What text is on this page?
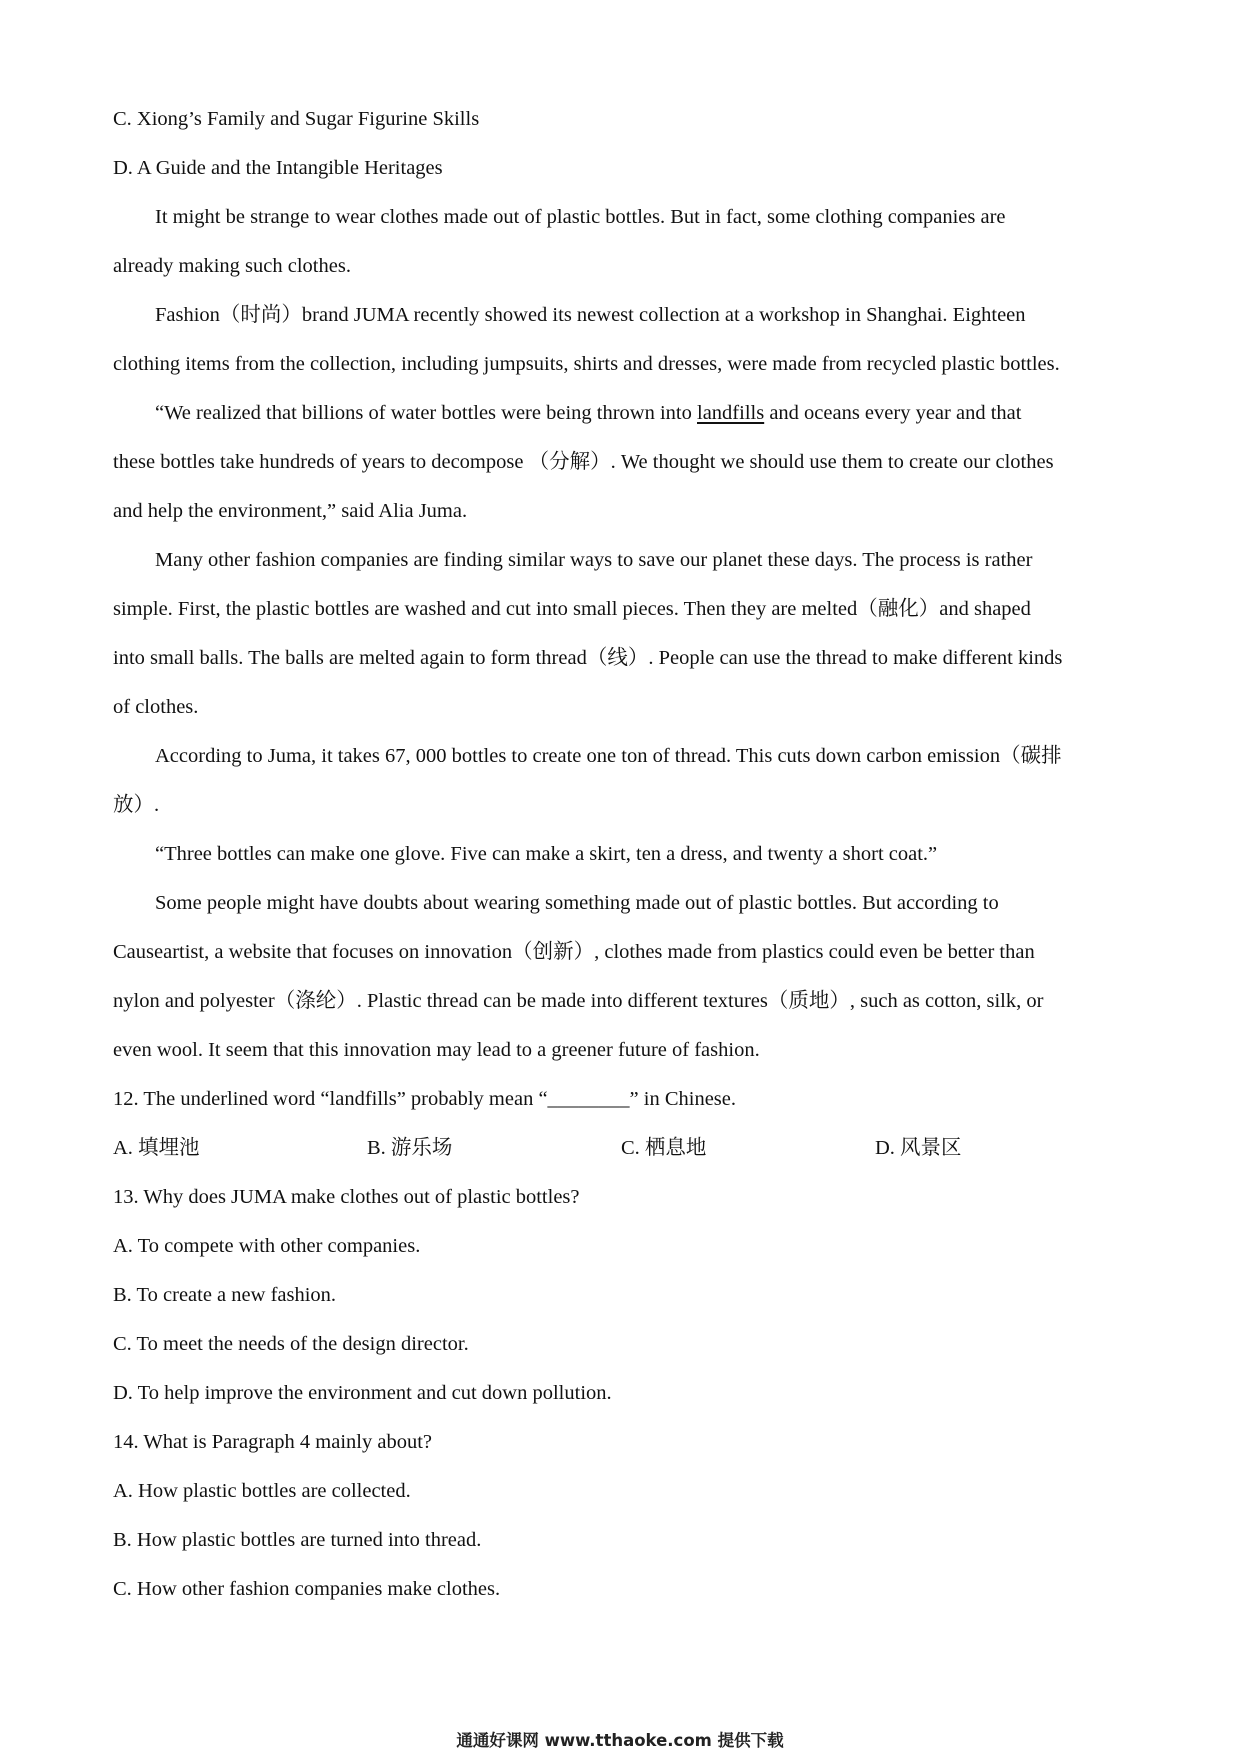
C. Xiong’s Family and Sugar Figurine Skills
D. A Guide and the Intangible Heritages
It might be strange to wear clothes made out of plastic bottles. But in fact, some clothing companies are
already making such clothes.
Fashion（时尚）brand JUMA recently showed its newest collection at a workshop in Shanghai. Eighteen
clothing items from the collection, including jumpsuits, shirts and dresses, were made from recycled plastic bottles.
“We realized that billions of water bottles were being thrown into landfills and oceans every year and that
these bottles take hundreds of years to decompose （分解）. We thought we should use them to create our clothes
and help the environment,” said Alia Juma.
Many other fashion companies are finding similar ways to save our planet these days. The process is rather
simple. First, the plastic bottles are washed and cut into small pieces. Then they are melted（融化）and shaped
into small balls. The balls are melted again to form thread（线）. People can use the thread to make different kinds
of clothes.
According to Juma, it takes 67, 000 bottles to create one ton of thread. This cuts down carbon emission（碳排
放）.
“Three bottles can make one glove. Five can make a skirt, ten a dress, and twenty a short coat.”
Some people might have doubts about wearing something made out of plastic bottles. But according to
Causeartist, a website that focuses on innovation（创新）, clothes made from plastics could even be better than
nylon and polyester（涤纶）. Plastic thread can be made into different textures（质地）, such as cotton, silk, or
even wool. It seem that this innovation may lead to a greener future of fashion.
12. The underlined word “landfills” probably mean “________” in Chinese.
A. 填埋池	B. 游乐场	C. 栖息地	D. 风景区
13. Why does JUMA make clothes out of plastic bottles?
A. To compete with other companies.
B. To create a new fashion.
C. To meet the needs of the design director.
D. To help improve the environment and cut down pollution.
14. What is Paragraph 4 mainly about?
A. How plastic bottles are collected.
B. How plastic bottles are turned into thread.
C. How other fashion companies make clothes.
通通好课网 www.tthaoke.com 提供下载
